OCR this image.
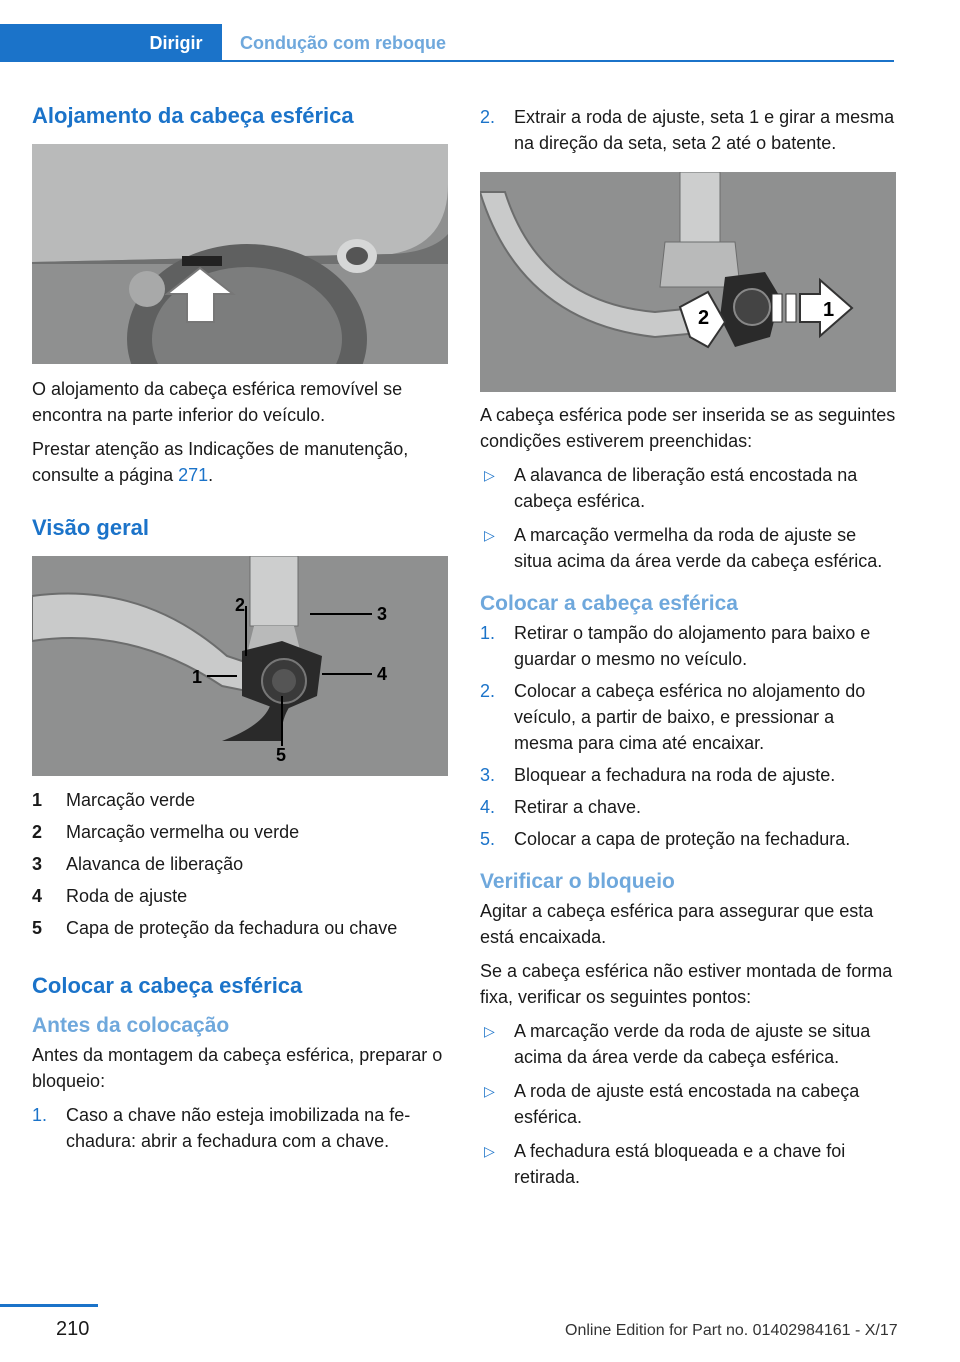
Dirigir	Condução com reboque
Alojamento da cabeça esférica

O alojamento da cabeça esférica removível se encontra na parte inferior do veículo.

Prestar atenção as Indicações de manutenção, consulte a página 271.

Visão geral
1
2	3
4
5
1	Marcação verde
2	Marcação vermelha ou verde
3	Alavanca de liberação
4	Roda de ajuste
5	Capa de proteção da fechadura ou chave
Colocar a cabeça esférica
Antes da colocação

Antes da montagem da cabeça esférica, preparar o bloqueio:

1.	Caso a chave não esteja imobilizada na fechadura: abrir a fechadura com a chave.
2.	Extrair a roda de ajuste, seta 1 e girar a mesma na direção da seta, seta 2 até o batente.
2	1

A cabeça esférica pode ser inserida se as seguintes condições estiverem preenchidas:

▷	A alavanca de liberação está encostada na cabeça esférica.
▷	A marcação vermelha da roda de ajuste se situa acima da área verde da cabeça esférica.
Colocar a cabeça esférica
1.	Retirar o tampão do alojamento para baixo e guardar o mesmo no veículo.
2.	Colocar a cabeça esférica no alojamento do veículo, a partir de baixo, e pressionar a mesma para cima até encaixar.
3.	Bloquear a fechadura na roda de ajuste.
4.	Retirar a chave.
5.	Colocar a capa de proteção na fechadura.
Verificar o bloqueio

Agitar a cabeça esférica para assegurar que esta está encaixada.

Se a cabeça esférica não estiver montada de forma fixa, verificar os seguintes pontos:

▷	A marcação verde da roda de ajuste se situa acima da área verde da cabeça esférica.
▷	A roda de ajuste está encostada na cabeça esférica.
▷	A fechadura está bloqueada e a chave foi retirada.
210	Online Edition for Part no. 01402984161 - X/17
